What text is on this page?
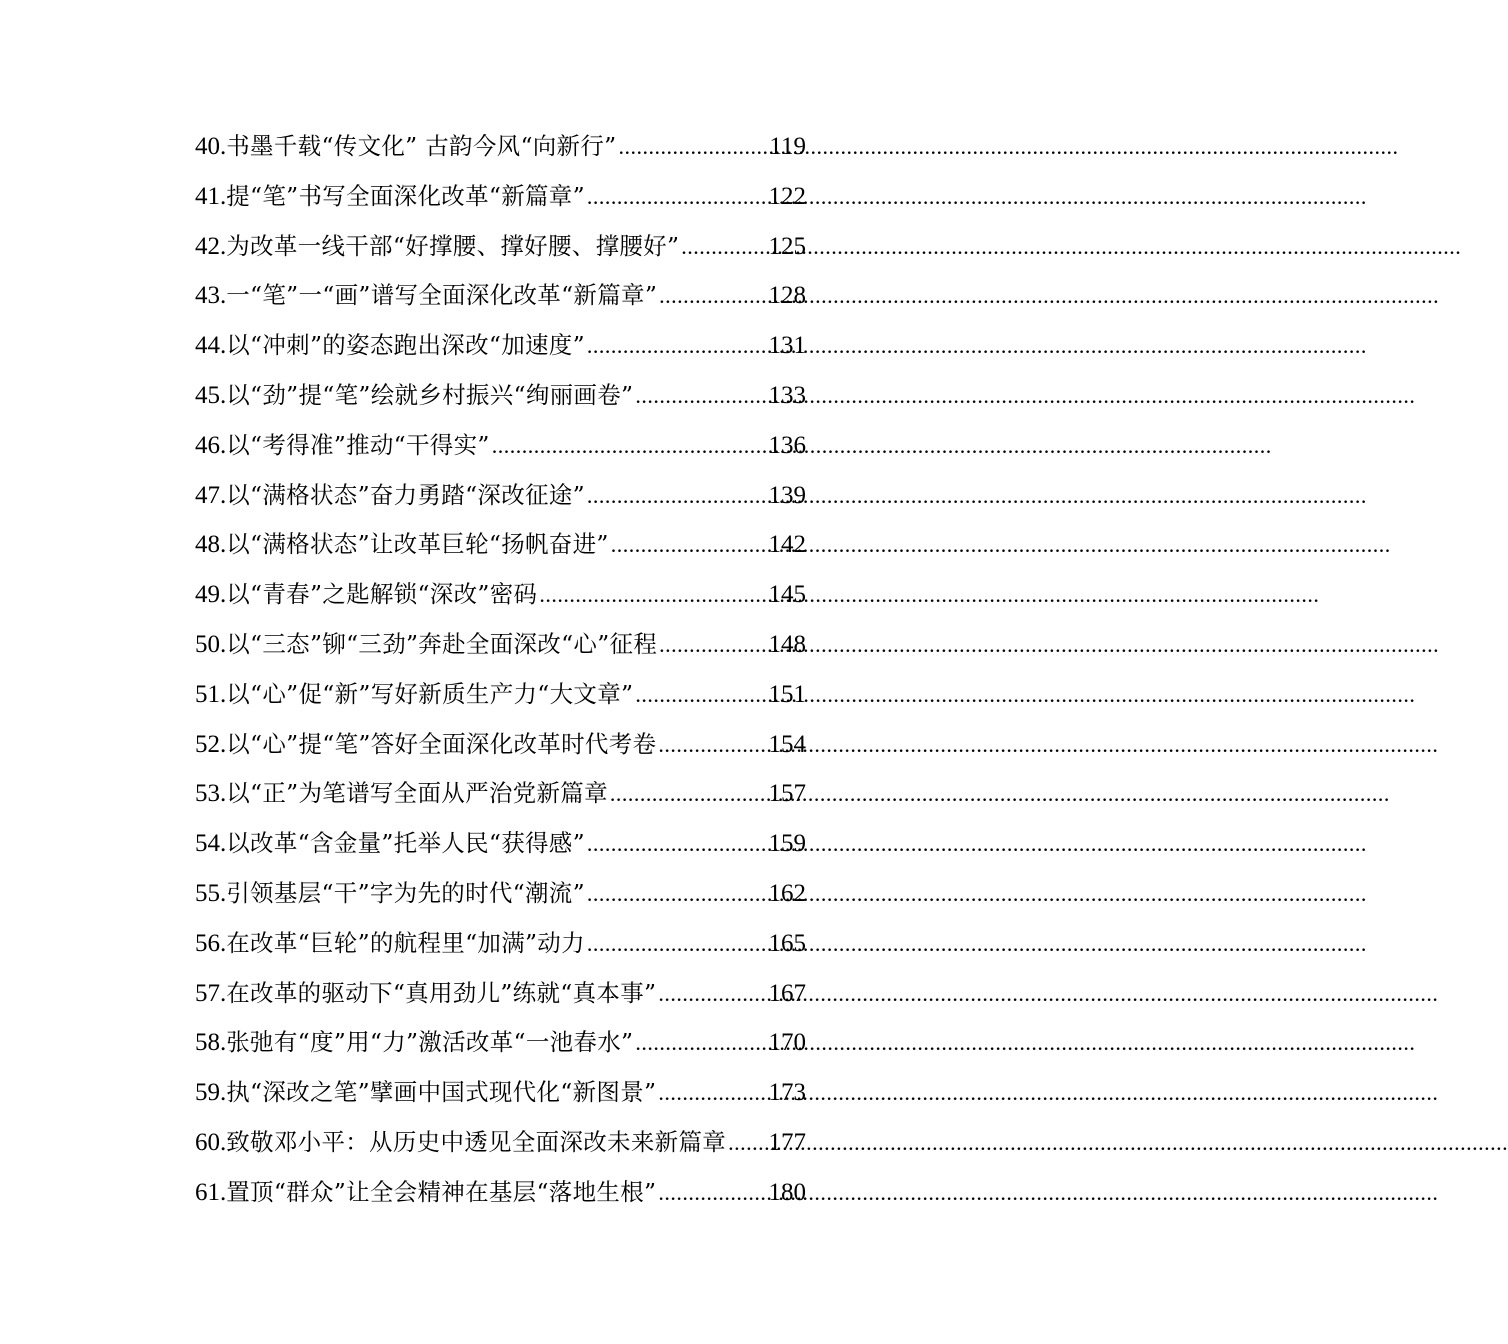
40. 书墨千载“传文化” 古韵今风“向新行” .....	119
41. 提“笔”书写全面深化改革“新篇章” .....	122
42. 为改革一线干部“好撑腰、撑好腰、撑腰好” .....	125
43. 一“笔”一“画”谱写全面深化改革“新篇章” .....	128
44. 以“冲刺”的姿态跑出深改“加速度” .....	131
45. 以“劲”提“笔”绘就乡村振兴“绚丽画卷” .....	133
46. 以“考得准”推动“干得实” .....	136
47. 以“满格状态”奋力勇踏“深改征途” .....	139
48. 以“满格状态”让改革巨轮“扬帆奋进” .....	142
49. 以“青春”之匙解锁“深改”密码 .....	145
50. 以“三态”铆“三劲”奔赴全面深改“心”征程 .....	148
51. 以“心”促“新”写好新质生产力“大文章” .....	151
52. 以“心”提“笔”答好全面深化改革时代考卷 .....	154
53. 以“正”为笔谱写全面从严治党新篇章 .....	157
54. 以改革“含金量”托举人民“获得感” .....	159
55. 引领基层“干”字为先的时代“潮流” .....	162
56. 在改革“巨轮”的航程里“加满”动力 .....	165
57. 在改革的驱动下“真用劲儿”练就“真本事” .....	167
58. 张弛有“度”用“力”激活改革“一池春水” .....	170
59. 执“深改之笔”擘画中国式现代化“新图景” .....	173
60. 致敬邓小平：从历史中透见全面深改未来新篇章 ..... 177
61. 置顶“群众”让全会精神在基层“落地生根” .....	180
